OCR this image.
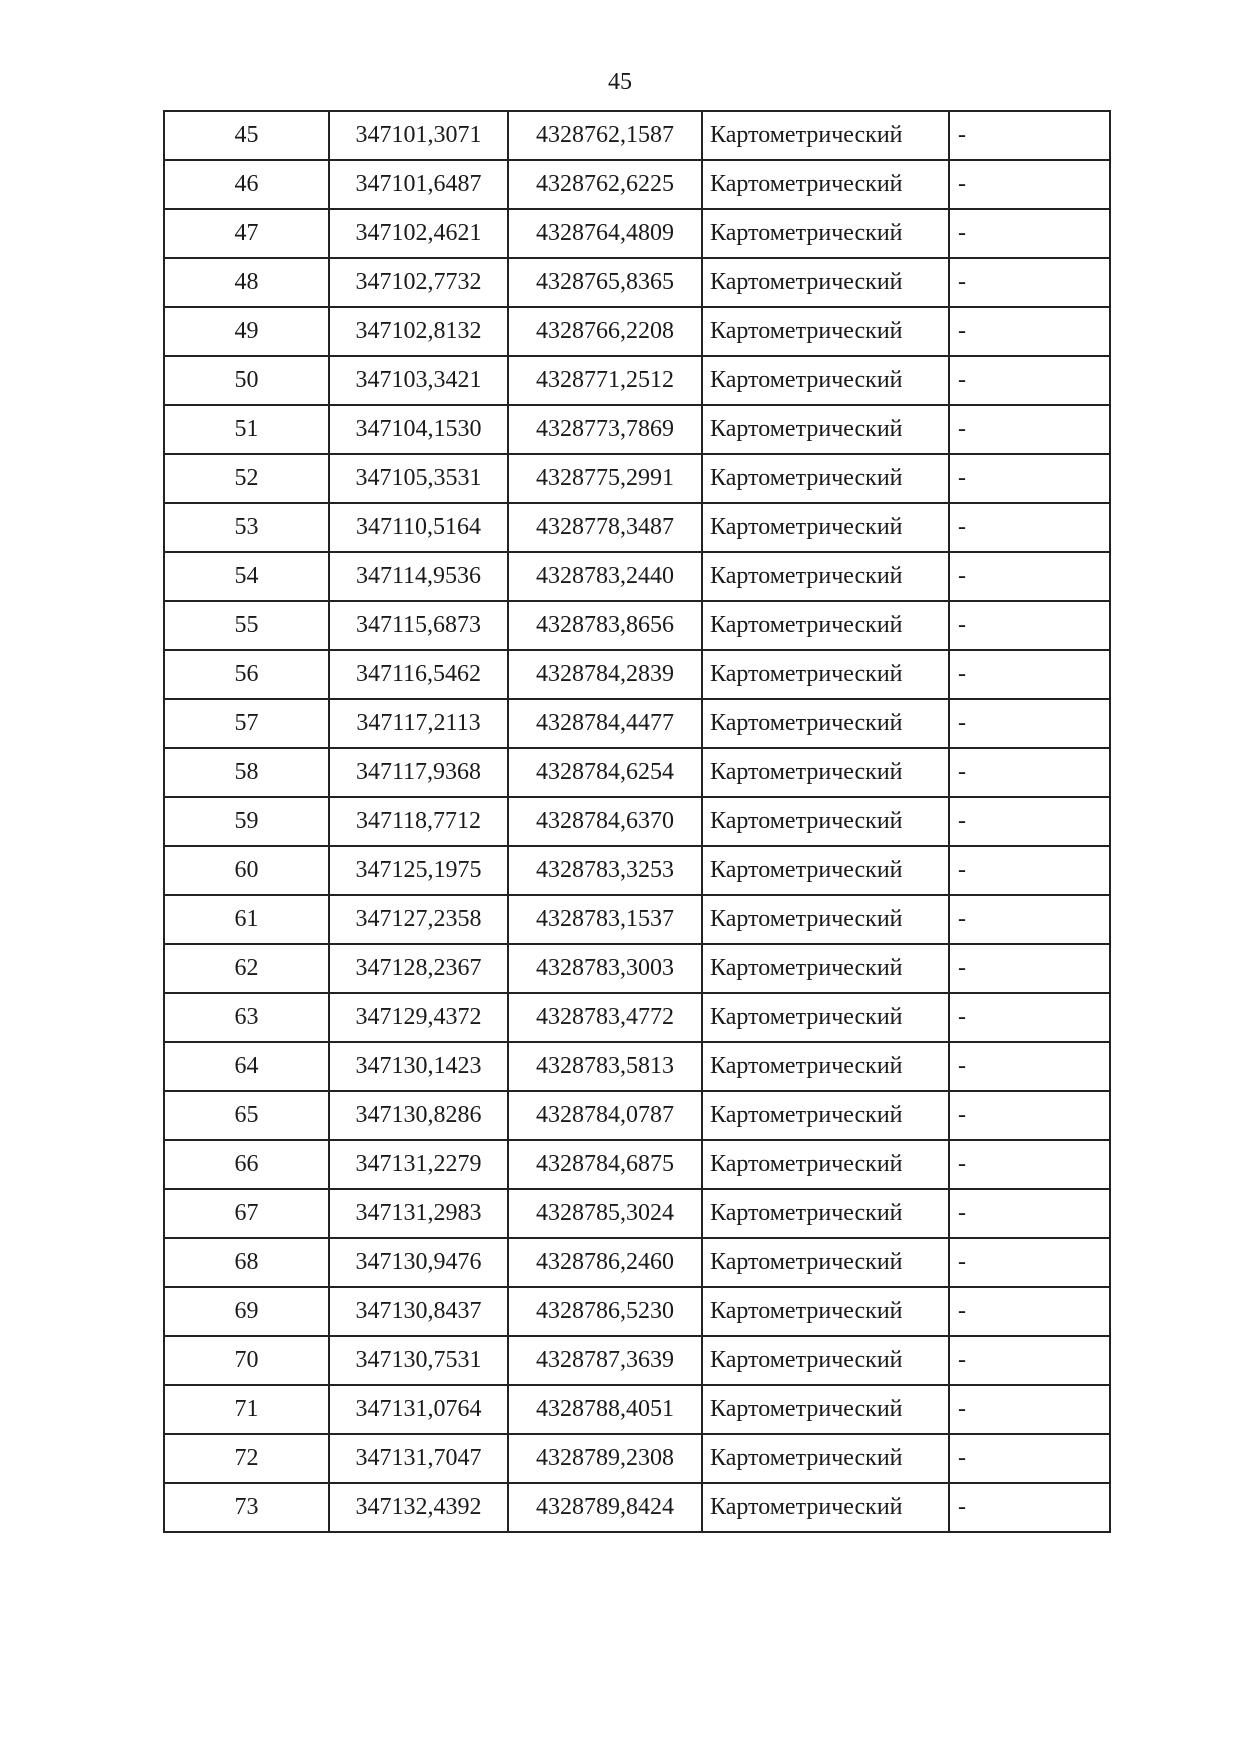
45
45	347101,3071	4328762,1587	Картометрический	-
46	347101,6487	4328762,6225	Картометрический	-
47	347102,4621	4328764,4809	Картометрический	-
48	347102,7732	4328765,8365	Картометрический	-
49	347102,8132	4328766,2208	Картометрический	-
50	347103,3421	4328771,2512	Картометрический	-
51	347104,1530	4328773,7869	Картометрический	-
52	347105,3531	4328775,2991	Картометрический	-
53	347110,5164	4328778,3487	Картометрический	-
54	347114,9536	4328783,2440	Картометрический	-
55	347115,6873	4328783,8656	Картометрический	-
56	347116,5462	4328784,2839	Картометрический	-
57	347117,2113	4328784,4477	Картометрический	-
58	347117,9368	4328784,6254	Картометрический	-
59	347118,7712	4328784,6370	Картометрический	-
60	347125,1975	4328783,3253	Картометрический	-
61	347127,2358	4328783,1537	Картометрический	-
62	347128,2367	4328783,3003	Картометрический	-
63	347129,4372	4328783,4772	Картометрический	-
64	347130,1423	4328783,5813	Картометрический	-
65	347130,8286	4328784,0787	Картометрический	-
66	347131,2279	4328784,6875	Картометрический	-
67	347131,2983	4328785,3024	Картометрический	-
68	347130,9476	4328786,2460	Картометрический	-
69	347130,8437	4328786,5230	Картометрический	-
70	347130,7531	4328787,3639	Картометрический	-
71	347131,0764	4328788,4051	Картометрический	-
72	347131,7047	4328789,2308	Картометрический	-
73	347132,4392	4328789,8424	Картометрический	-
